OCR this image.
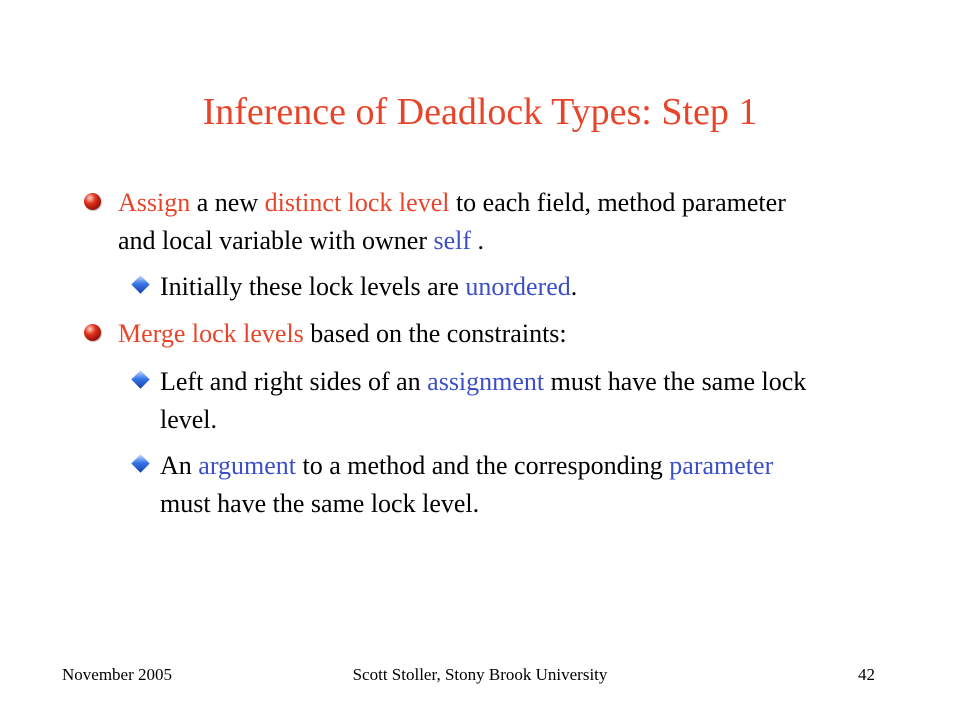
Inference of Deadlock Types: Step 1
Assign a new distinct lock level to each field, method parameter and local variable with owner self .
Initially these lock levels are unordered.
Merge lock levels based on the constraints:
Left and right sides of an assignment must have the same lock level.
An argument to a method and the corresponding parameter must have the same lock level.
November 2005	Scott Stoller, Stony Brook University	42
